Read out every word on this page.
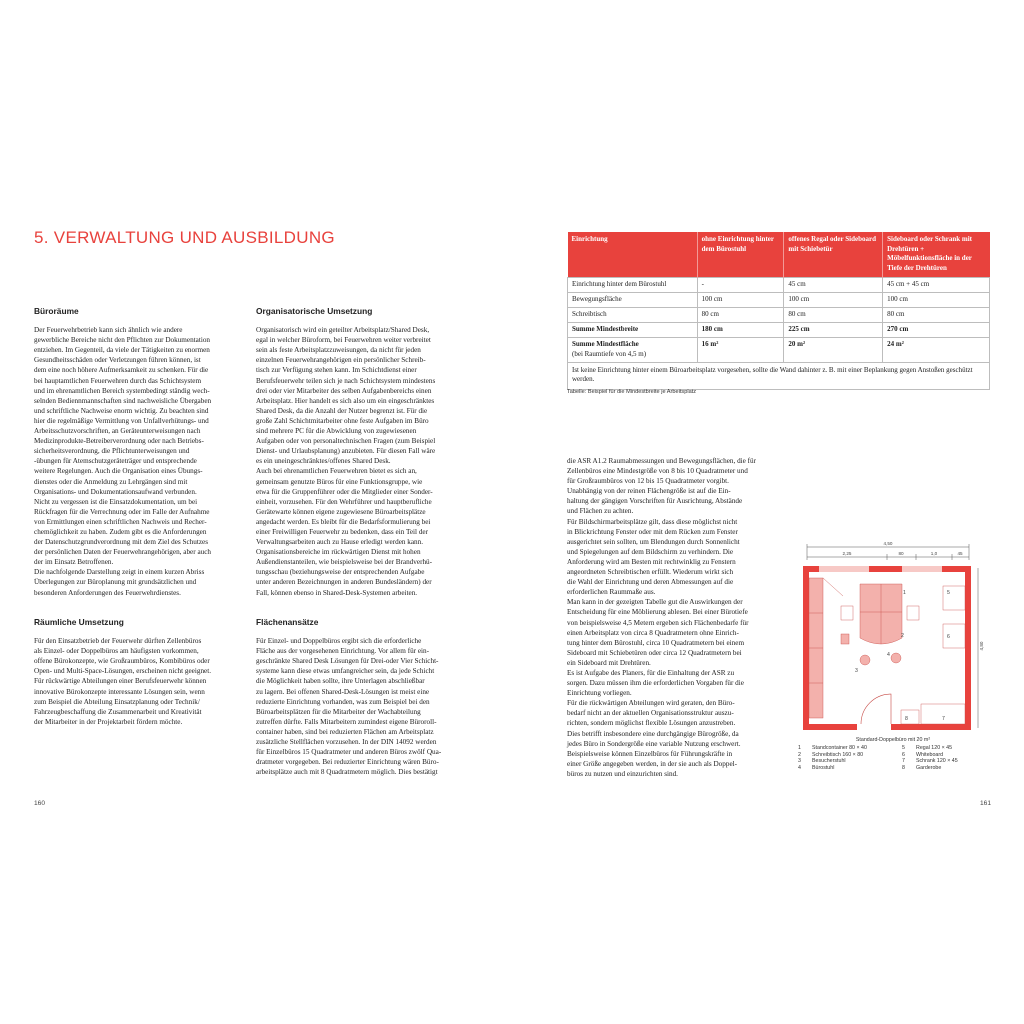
5. VERWALTUNG UND AUSBILDUNG
Büroräume

Der Feuerwehrbetrieb kann sich ähnlich wie andere
gewerbliche Bereiche nicht den Pflichten zur Dokumentation
entziehen. Im Gegenteil, da viele der Tätigkeiten zu enormen
Gesundheitsschäden oder Verletzungen führen können, ist
dem eine noch höhere Aufmerksamkeit zu schenken. Für die
bei hauptamtlichen Feuerwehren durch das Schichtsystem
und im ehrenamtlichen Bereich systembedingt ständig wech-
selnden Bediennmannschaften sind nachweisliche Übergaben
und schriftliche Nachweise enorm wichtig. Zu beachten sind
hier die regelmäßige Vermittlung von Unfallverhütungs- und
Arbeitsschutzvorschriften, an Geräteunterweisungen nach
Medizinprodukte-Betreiberverordnung oder nach Betriebs-
sicherheitsverordnung, die Pflichtunterweisungen und
-übungen für Atemschutzgeräteträger und entsprechende
weitere Regelungen. Auch die Organisation eines Übungs-
dienstes oder die Anmeldung zu Lehrgängen sind mit
Organisations- und Dokumentationsaufwand verbunden.
Nicht zu vergessen ist die Einsatzdokumentation, um bei
Rückfragen für die Verrechnung oder im Falle der Aufnahme
von Ermittlungen einen schriftlichen Nachweis und Recher-
chemöglichkeit zu haben. Zudem gibt es die Anforderungen
der Datenschutzgrundverordnung mit dem Ziel des Schutzes
der persönlichen Daten der Feuerwehrangehörigen, aber auch
der im Einsatz Betroffenen.
Die nachfolgende Darstellung zeigt in einem kurzen Abriss
Überlegungen zur Büroplanung mit grundsätzlichen und
besonderen Anforderungen des Feuerwehrdienstes.

Räumliche Umsetzung

Für den Einsatzbetrieb der Feuerwehr dürften Zellenbüros
als Einzel- oder Doppelbüros am häufigsten vorkommen,
offene Bürokonzepte, wie Großraumbüros, Kombibüros oder
Open- und Multi-Space-Lösungen, erscheinen nicht geeignet.
Für rückwärtige Abteilungen einer Berufsfeuerwehr können
innovative Bürokonzepte interessante Lösungen sein, wenn
zum Beispiel die Abteilung Einsatzplanung oder Technik/
Fahrzeugbeschaffung die Zusammenarbeit und Kreativität
der Mitarbeiter in der Projektarbeit fördern möchte.

Organisatorische Umsetzung

Organisatorisch wird ein geteilter Arbeitsplatz/Shared Desk,
egal in welcher Büroform, bei Feuerwehren weiter verbreitet
sein als feste Arbeitsplatzzuweisungen, da nicht für jeden
einzelnen Feuerwehrangehörigen ein persönlicher Schreib-
tisch zur Verfügung stehen kann. Im Schichtdienst einer
Berufsfeuerwehr teilen sich je nach Schichtsystem mindestens
drei oder vier Mitarbeiter des selben Aufgabenbereichs einen
Arbeitsplatz. Hier handelt es sich also um ein eingeschränktes
Shared Desk, da die Anzahl der Nutzer begrenzt ist. Für die
große Zahl Schichtmitarbeiter ohne feste Aufgaben im Büro
sind mehrere PC für die Abwicklung von zugewiesenen
Aufgaben oder von personaltechnischen Fragen (zum Beispiel
Dienst- und Urlaubsplanung) anzubieten. Für diesen Fall wäre
es ein uneingeschränktes/offenes Shared Desk.
Auch bei ehrenamtlichen Feuerwehren bietet es sich an,
gemeinsam genutzte Büros für eine Funktionsgruppe, wie
etwa für die Gruppenführer oder die Mitglieder einer Sonder-
einheit, vorzusehen. Für den Wehrführer und hauptberufliche
Gerätewarte können eigene zugewiesene Büroarbeitsplätze
angedacht werden. Es bleibt für die Bedarfsformulierung bei
einer Freiwilligen Feuerwehr zu bedenken, dass ein Teil der
Verwaltungsarbeiten auch zu Hause erledigt werden kann.
Organisationsbereiche im rückwärtigen Dienst mit hohen
Außendienstanteilen, wie beispielsweise bei der Brandverhü-
tungsschau (beziehungsweise der entsprechenden Aufgabe
unter anderen Bezeichnungen in anderen Bundesländern) der
Fall, können ebenso in Shared-Desk-Systemen arbeiten.

Flächenansätze

Für Einzel- und Doppelbüros ergibt sich die erforderliche
Fläche aus der vorgesehenen Einrichtung. Vor allem für ein-
geschränkte Shared Desk Lösungen für Drei-oder Vier Schicht-
systeme kann diese etwas umfangreicher sein, da jede Schicht
die Möglichkeit haben sollte, ihre Unterlagen abschließbar
zu lagern. Bei offenen Shared-Desk-Lösungen ist meist eine
reduzierte Einrichtung vorhanden, was zum Beispiel bei den
Büroarbeitsplätzen für die Mitarbeiter der Wachabteilung
zutreffen dürfte. Falls Mitarbeitern zumindest eigene Büroroll-
container haben, sind bei reduzierten Flächen am Arbeitsplatz
zusätzliche Stellflächen vorzusehen. In der DIN 14092 werden
für Einzelbüros 15 Quadratmeter und anderen Büros zwölf Qua-
dratmeter vorgegeben. Bei reduzierter Einrichtung wären Büro-
arbeitsplätze auch mit 8 Quadratmetern möglich. Dies bestätigt

die ASR A1.2 Raumabmessungen und Bewegungsflächen, die für
Zellenbüros eine Mindestgröße von 8 bis 10 Quadratmeter und
für Großraumbüros von 12 bis 15 Quadratmeter vorgibt.
Unabhängig von der reinen Flächengröße ist auf die Ein-
haltung der gängigen Vorschriften für Ausrichtung, Abstände
und Flächen zu achten.
Für Bildschirmarbeitsplätze gilt, dass diese möglichst nicht
in Blickrichtung Fenster oder mit dem Rücken zum Fenster
ausgerichtet sein sollten, um Blendungen durch Sonnenlicht
und Spiegelungen auf dem Bildschirm zu verhindern. Die
Anforderung wird am Besten mit rechtwinklig zu Fenstern
angeordneten Schreibtischen erfüllt. Wiederum wirkt sich
die Wahl der Einrichtung und deren Abmessungen auf die
erforderlichen Raummaße aus.
Man kann in der gezeigten Tabelle gut die Auswirkungen der
Entscheidung für eine Möblierung ablesen. Bei einer Bürotiefe
von beispielsweise 4,5 Metern ergeben sich Flächenbedarfe für
einen Arbeitsplatz von circa 8 Quadratmetern ohne Einrich-
tung hinter dem Bürostuhl, circa 10 Quadratmetern bei einem
Sideboard mit Schiebetüren oder circa 12 Quadratmetern bei
ein Sideboard mit Drehtüren.
Es ist Aufgabe des Planers, für die Einhaltung der ASR zu
sorgen. Dazu müssen ihm die erforderlichen Vorgaben für die
Einrichtung vorliegen.
Für die rückwärtigen Abteilungen wird geraten, den Büro-
bedarf nicht an der aktuellen Organisationsstruktur auszu-
richten, sondern möglichst flexible Lösungen anzustreben.
Dies betrifft insbesondere eine durchgängige Bürogröße, da
jedes Büro in Sondergröße eine variable Nutzung erschwert.
Beispielsweise können Einzelbüros für Führungskräfte in
einer Größe angegeben werden, in der sie auch als Doppel-
büros zu nutzen und einzurichten sind.

Einrichtung	ohne Einrichtung hinter dem Bürostuhl	offenes Regal oder Sideboard mit Schiebetür	Sideboard oder Schrank mit Drehtüren + Möbelfunktionsfläche in der Tiefe der Drehtüren
Einrichtung hinter dem Bürostuhl	-	45 cm	45 cm + 45 cm
Bewegungsfläche	100 cm	100 cm	100 cm
Schreibtisch	80 cm	80 cm	80 cm
Summe Mindestbreite	180 cm	225 cm	270 cm
Summe Mindestfläche
(bei Raumtiefe von 4,5 m)	16 m²	20 m²	24 m²
Ist keine Einrichtung hinter einem Büroarbeitsplatz vorgesehen, sollte die Wand dahinter z. B. mit einer Beplankung gegen Anstoßen geschützt werden.			
Tabelle: Beispiel für die Mindestbreite je Arbeitsplatz
4,50
2,25	80	1,0	45
4,80
1
2
3
4
5
6
7
8
Standard-Doppelbüro mit 20 m²
1	Standcontainer 80 × 40	5	Regal 120 × 45
2	Schreibtisch 160 × 80	6	Whiteboard
3	Besucherstuhl	7	Schrank 120 × 45
4	Bürostuhl	8	Garderobe
160	161
